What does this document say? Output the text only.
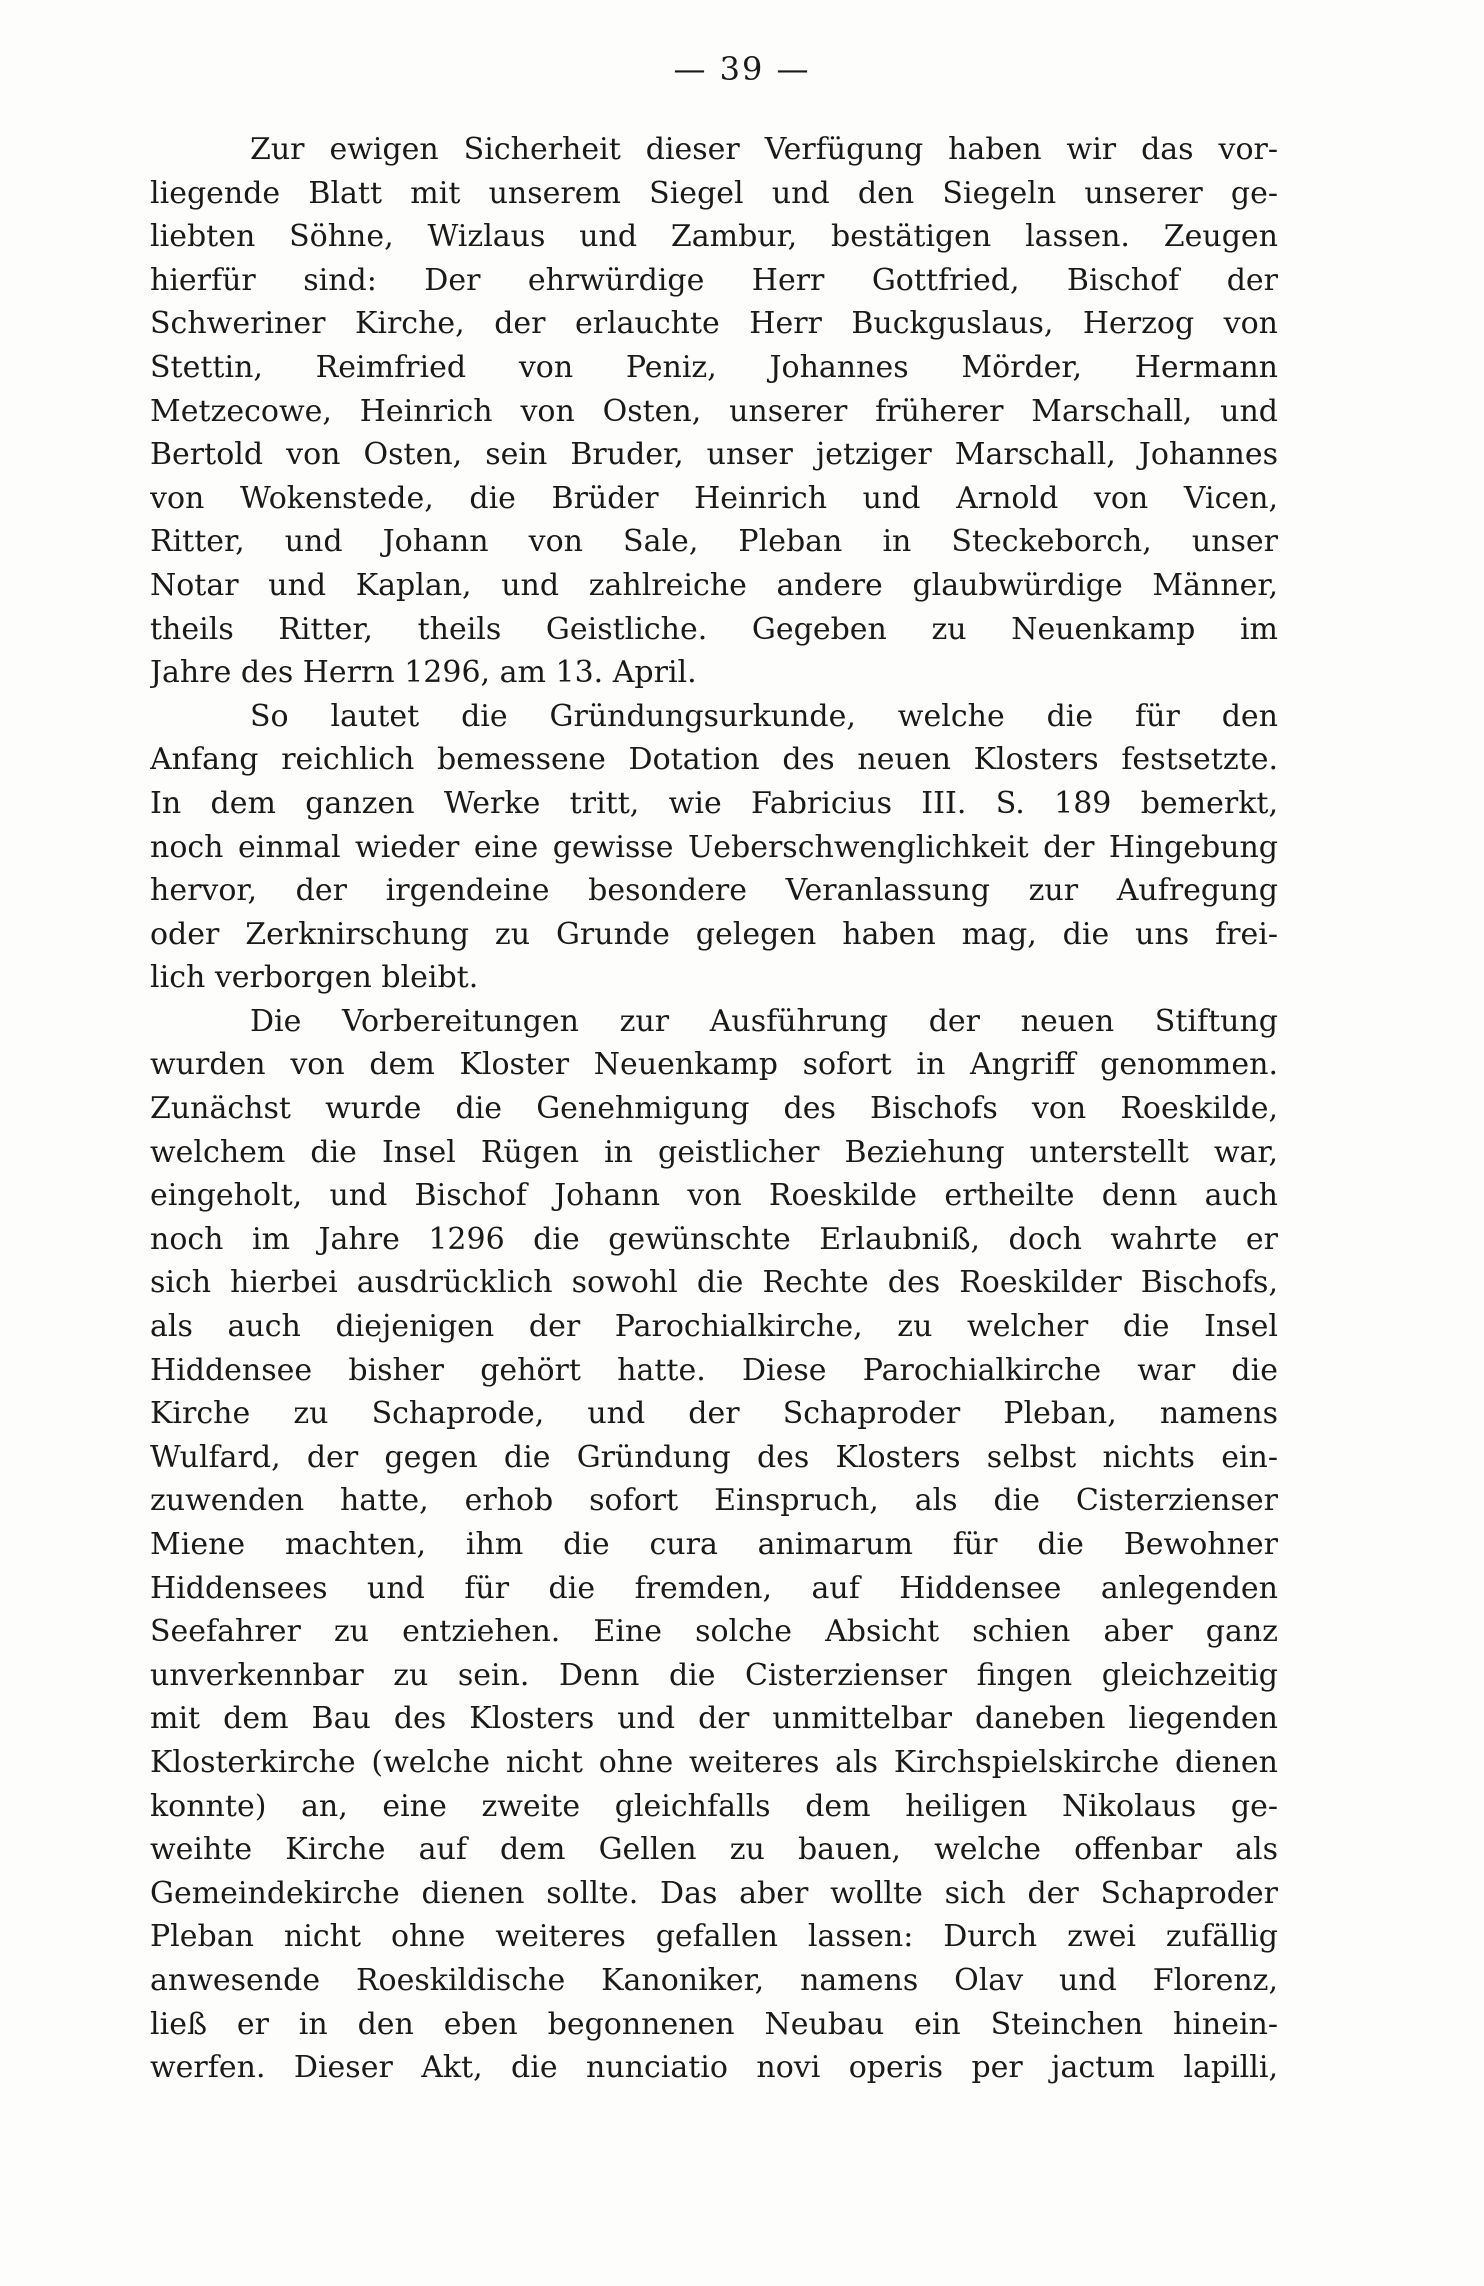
— 39 —
Zur ewigen Sicherheit dieser Verfügung haben wir das vor-
liegende Blatt mit unserem Siegel und den Siegeln unserer ge-
liebten Söhne, Wizlaus und Zambur, bestätigen lassen. Zeugen
hierfür sind: Der ehrwürdige Herr Gottfried, Bischof der
Schweriner Kirche, der erlauchte Herr Buckguslaus, Herzog von
Stettin, Reimfried von Peniz, Johannes Mörder, Hermann
Metzecowe, Heinrich von Osten, unserer früherer Marschall, und
Bertold von Osten, sein Bruder, unser jetziger Marschall, Johannes
von Wokenstede, die Brüder Heinrich und Arnold von Vicen,
Ritter, und Johann von Sale, Pleban in Steckeborch, unser
Notar und Kaplan, und zahlreiche andere glaubwürdige Männer,
theils Ritter, theils Geistliche. Gegeben zu Neuenkamp im
Jahre des Herrn 1296, am 13. April.
So lautet die Gründungsurkunde, welche die für den
Anfang reichlich bemessene Dotation des neuen Klosters festsetzte.
In dem ganzen Werke tritt, wie Fabricius III. S. 189 bemerkt,
noch einmal wieder eine gewisse Ueberschwenglichkeit der Hingebung
hervor, der irgendeine besondere Veranlassung zur Aufregung
oder Zerknirschung zu Grunde gelegen haben mag, die uns frei-
lich verborgen bleibt.
Die Vorbereitungen zur Ausführung der neuen Stiftung
wurden von dem Kloster Neuenkamp sofort in Angriff genommen.
Zunächst wurde die Genehmigung des Bischofs von Roeskilde,
welchem die Insel Rügen in geistlicher Beziehung unterstellt war,
eingeholt, und Bischof Johann von Roeskilde ertheilte denn auch
noch im Jahre 1296 die gewünschte Erlaubniß, doch wahrte er
sich hierbei ausdrücklich sowohl die Rechte des Roeskilder Bischofs,
als auch diejenigen der Parochialkirche, zu welcher die Insel
Hiddensee bisher gehört hatte. Diese Parochialkirche war die
Kirche zu Schaprode, und der Schaproder Pleban, namens
Wulfard, der gegen die Gründung des Klosters selbst nichts ein-
zuwenden hatte, erhob sofort Einspruch, als die Cisterzienser
Miene machten, ihm die cura animarum für die Bewohner
Hiddensees und für die fremden, auf Hiddensee anlegenden
Seefahrer zu entziehen. Eine solche Absicht schien aber ganz
unverkennbar zu sein. Denn die Cisterzienser fingen gleichzeitig
mit dem Bau des Klosters und der unmittelbar daneben liegenden
Klosterkirche (welche nicht ohne weiteres als Kirchspielskirche dienen
konnte) an, eine zweite gleichfalls dem heiligen Nikolaus ge-
weihte Kirche auf dem Gellen zu bauen, welche offenbar als
Gemeindekirche dienen sollte. Das aber wollte sich der Schaproder
Pleban nicht ohne weiteres gefallen lassen: Durch zwei zufällig
anwesende Roeskildische Kanoniker, namens Olav und Florenz,
ließ er in den eben begonnenen Neubau ein Steinchen hinein-
werfen. Dieser Akt, die nunciatio novi operis per jactum lapilli,
